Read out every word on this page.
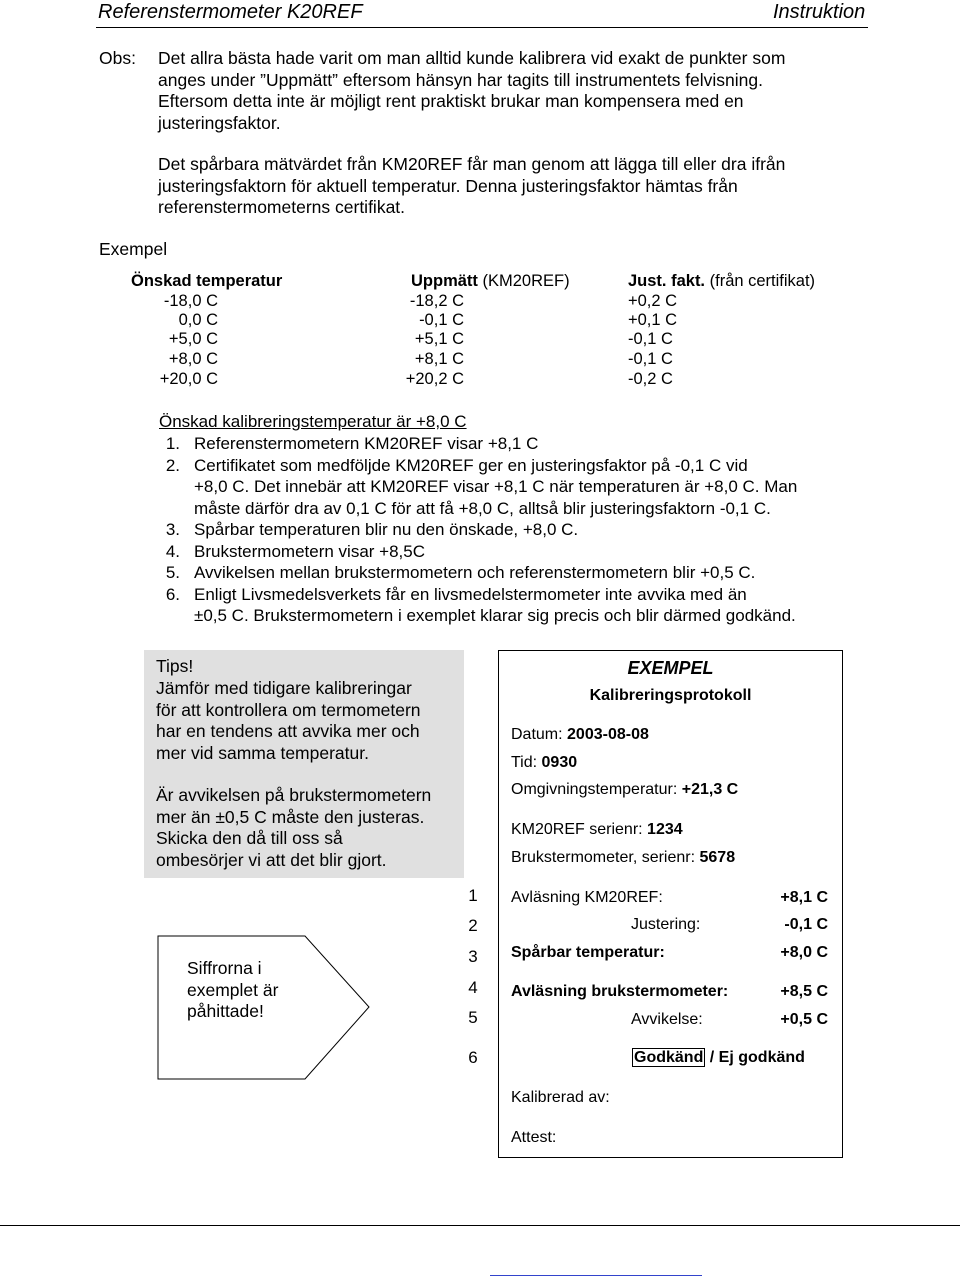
Referenstermometer K20REF	Instruktion
Obs: Det allra bästa hade varit om man alltid kunde kalibrera vid exakt de punkter som
anges under ”Uppmätt” eftersom hänsyn har tagits till instrumentets felvisning.
Eftersom detta inte är möjligt rent praktiskt brukar man kompensera med en
justeringsfaktor.
Det spårbara mätvärdet från KM20REF får man genom att lägga till eller dra ifrån
justeringsfaktorn för aktuell temperatur. Denna justeringsfaktor hämtas från
referenstermometerns certifikat.
Exempel
Önskad temperatur	Uppmätt (KM20REF)	Just. fakt. (från certifikat)
-18,0 C	-18,2 C	+0,2 C
0,0 C	-0,1 C	+0,1 C
+5,0 C	+5,1 C	-0,1 C
+8,0 C	+8,1 C	-0,1 C
+20,0 C	+20,2 C	-0,2 C
Önskad kalibreringstemperatur är +8,0 C
1. Referenstermometern KM20REF visar +8,1 C
2. Certifikatet som medföljde KM20REF ger en justeringsfaktor på -0,1 C vid
+8,0 C. Det innebär att KM20REF visar +8,1 C när temperaturen är +8,0 C. Man
måste därför dra av 0,1 C för att få +8,0 C, alltså blir justeringsfaktorn -0,1 C.
3. Spårbar temperaturen blir nu den önskade, +8,0 C.
4. Brukstermometern visar +8,5C
5. Avvikelsen mellan brukstermometern och referenstermometern blir +0,5 C.
6. Enligt Livsmedelsverkets får en livsmedelstermometer inte avvika med än
±0,5 C. Brukstermometern i exemplet klarar sig precis och blir därmed godkänd.
Tips!
Jämför med tidigare kalibreringar
för att kontrollera om termometern
har en tendens att avvika mer och
mer vid samma temperatur.
Är avvikelsen på brukstermometern
mer än ±0,5 C måste den justeras.
Skicka den då till oss så
ombesörjer vi att det blir gjort.
Siffrorna i
exemplet är
påhittade!
1
2
3
4
5
6
EXEMPEL
Kalibreringsprotokoll
Datum: 2003-08-08
Tid: 0930
Omgivningstemperatur: +21,3 C
KM20REF serienr: 1234
Brukstermometer, serienr: 5678
Avläsning KM20REF:	+8,1 C
Justering:	-0,1 C
Spårbar temperatur:	+8,0 C
Avläsning brukstermometer:	+8,5 C
Avvikelse:	+0,5 C
Godkänd / Ej godkänd
Kalibrerad av:
Attest:
